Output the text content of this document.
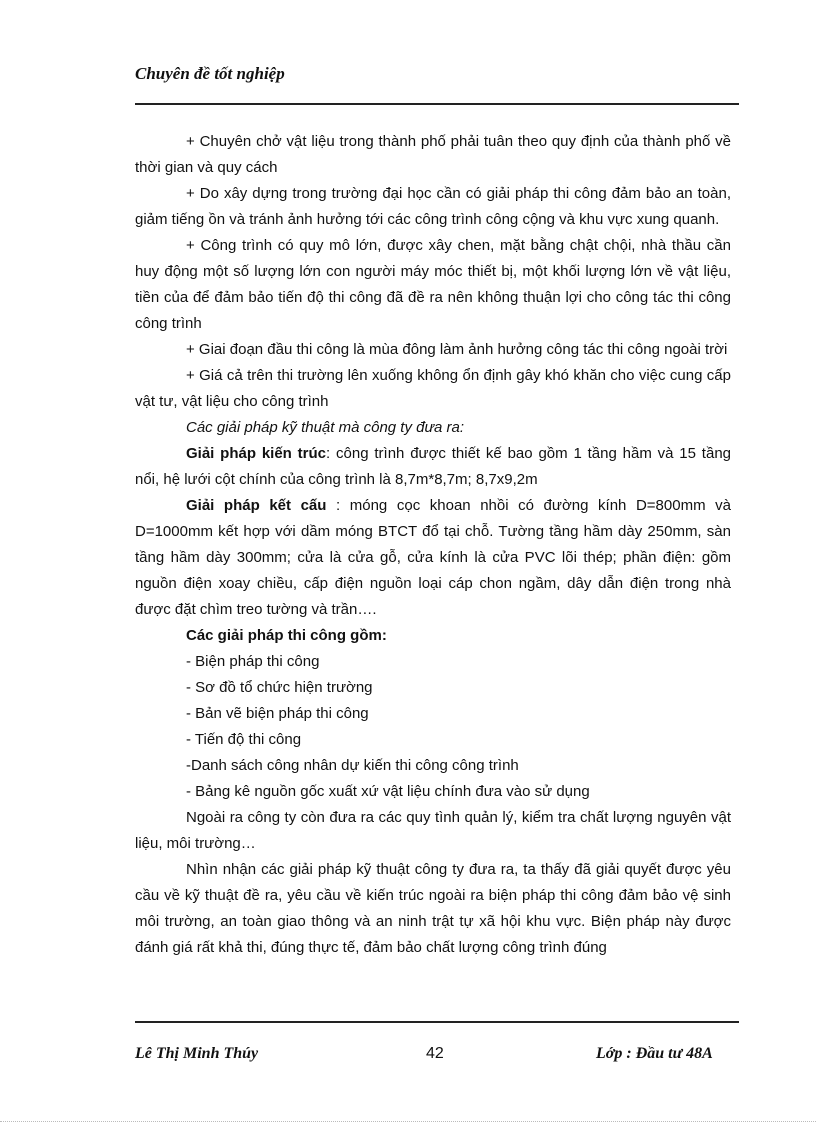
Chuyên đề tốt nghiệp

+ Chuyên chở vật liệu trong thành phố phải tuân theo quy định của thành phố về thời gian và quy cách

+ Do xây dựng trong trường đại học cần có giải pháp thi công đảm bảo an toàn, giảm tiếng ồn và tránh ảnh hưởng tới các công trình công cộng và khu vực xung quanh.

+ Công trình có quy mô lớn, được xây chen, mặt bằng chật chội, nhà thầu cần huy động một số lượng lớn con người máy móc thiết bị, một khối lượng lớn về vật liệu, tiền của để đảm bảo tiến độ thi công đã đề ra nên không thuận lợi cho công tác thi công công trình

+ Giai đoạn đầu thi công là mùa đông làm ảnh hưởng công tác thi công ngoài trời

+ Giá cả trên thi trường lên xuống không ổn định gây khó khăn cho việc cung cấp vật tư, vật liệu cho công trình

Các giải pháp kỹ thuật mà công ty đưa ra:

Giải pháp kiến trúc: công trình được thiết kế bao gồm 1 tầng hầm và 15 tầng nổi, hệ lưới cột chính của công trình là 8,7m*8,7m; 8,7x9,2m

Giải pháp kết cấu : móng cọc khoan nhồi có đường kính D=800mm và D=1000mm kết hợp với dầm móng BTCT đổ tại chỗ. Tường tầng hầm dày 250mm, sàn tầng hầm dày 300mm; cửa là cửa gỗ, cửa kính là cửa PVC lõi thép; phần điện: gồm nguồn điện xoay chiều, cấp điện nguồn loại cáp chon ngầm, dây dẫn điện trong nhà được đặt chìm treo tường và trần….

Các giải pháp thi công gồm:

- Biện pháp thi công

- Sơ đồ tổ chức hiện trường

- Bản vẽ biện pháp thi công

- Tiến độ thi công

-Danh sách công nhân dự kiến thi công công trình

- Bảng kê nguồn gốc xuất xứ vật liệu chính đưa vào sử dụng

Ngoài ra công ty còn đưa ra các quy tình quản lý, kiểm tra chất lượng nguyên vật liệu, môi trường…

Nhìn nhận các giải pháp kỹ thuật công ty đưa ra, ta thấy đã giải quyết được yêu cầu về kỹ thuật đề ra, yêu cầu về kiến trúc ngoài ra biện pháp thi công đảm bảo vệ sinh môi trường, an toàn giao thông và an ninh trật tự xã hội khu vực. Biện pháp này được đánh giá rất khả thi, đúng thực tế, đảm bảo chất lượng công trình đúng

Lê Thị Minh Thúy	42	Lớp : Đầu tư 48A
